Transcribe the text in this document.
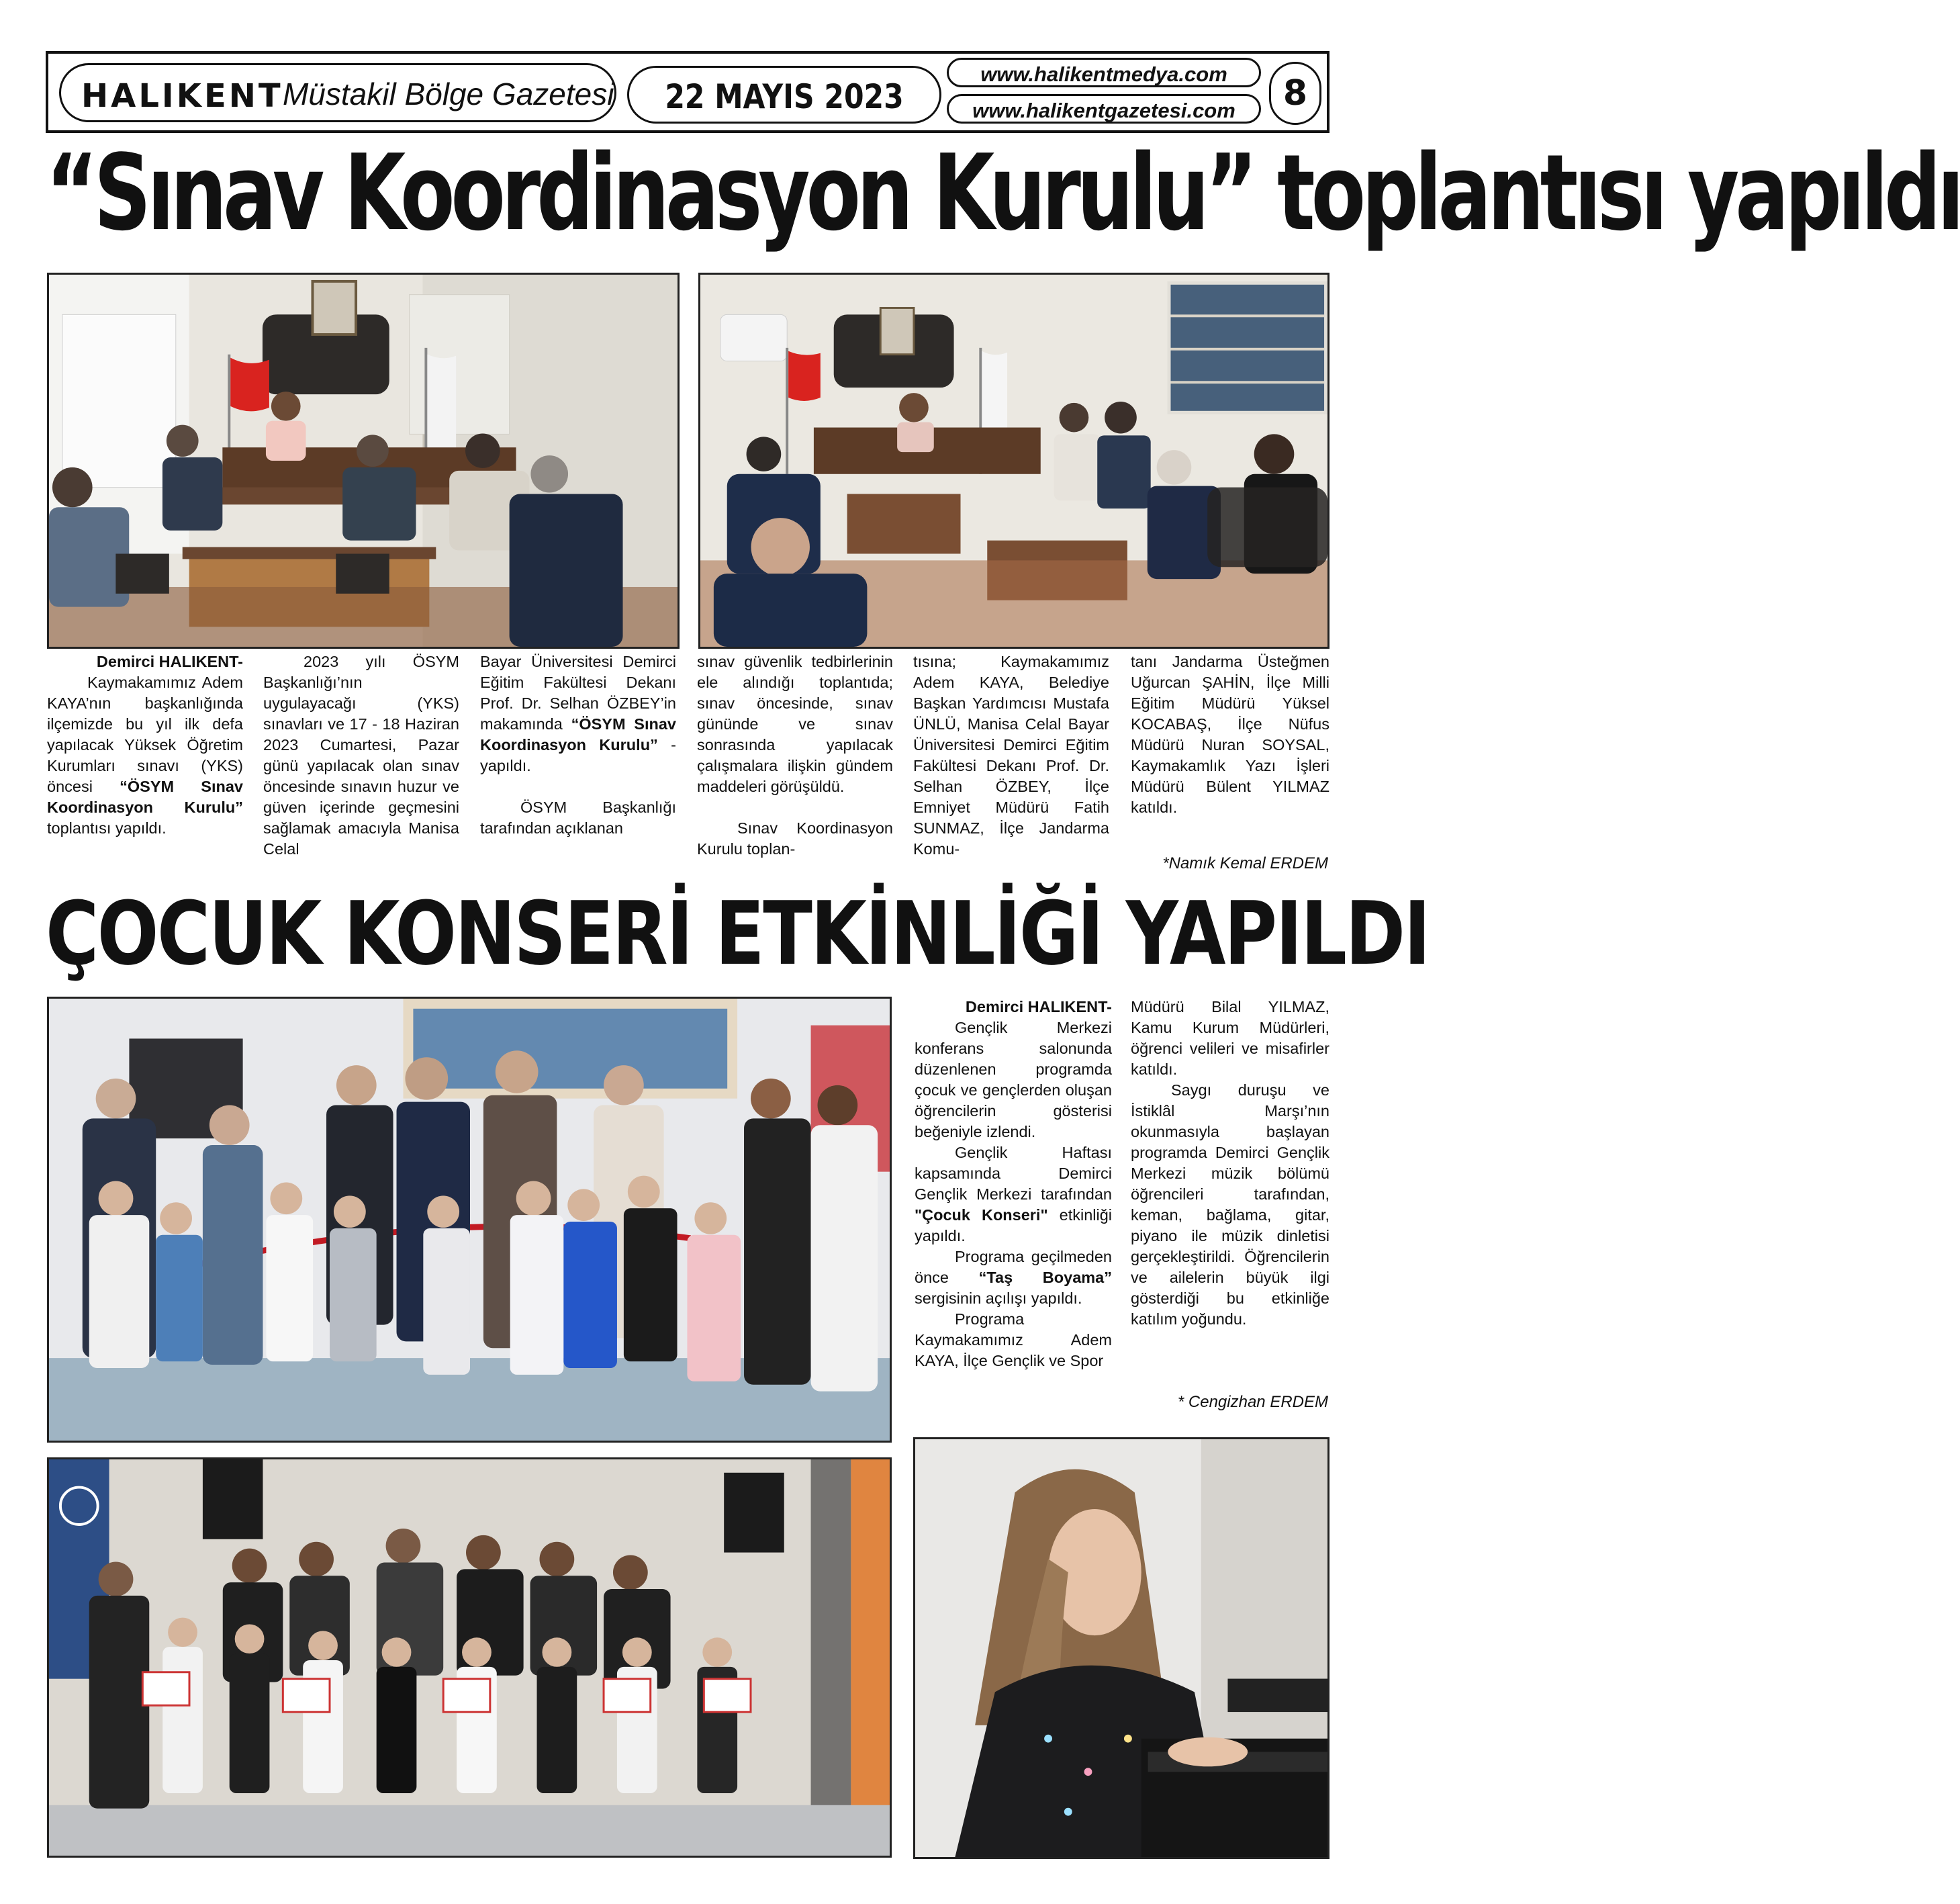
HALIKENT Müstakil Bölge Gazetesi	22 MAYIS 2023
www.halikentmedya.com
www.halikentgazetesi.com	8
“Sınav Koordinasyon Kurulu” toplantısı yapıldı

Demirci HALIKENT-

Kaymakamımız Adem KAYA’nın başkanlığında ilçemizde bu yıl ilk defa yapılacak Yüksek Öğretim Kurumları sınavı (YKS) öncesi “ÖSYM Sınav Koordinasyon Kurulu” toplantısı yapıldı.

2023 yılı ÖSYM Başkanlığı’nın uygulayacağı (YKS) sınavları ve 17 - 18 Haziran 2023 Cumartesi, Pazar günü yapılacak olan sınav öncesinde sınavın huzur ve güven içerinde geçmesini sağlamak amacıyla Manisa Celal

Bayar Üniversitesi Demirci Eğitim Fakültesi Dekanı Prof. Dr. Selhan ÖZBEY’in makamında “ÖSYM Sınav Koordinasyon Kurulu” - yapıldı.

ÖSYM Başkanlığı tarafından açıklanan

sınav güvenlik tedbirlerinin ele alındığı toplantıda; sınav öncesinde, sınav gününde ve sınav sonrasında yapılacak çalışmalara ilişkin gündem maddeleri görüşüldü.

Sınav Koordinasyon Kurulu toplan-

tısına; Kaymakamımız Adem KAYA, Belediye Başkan Yardımcısı Mustafa ÜNLÜ, Manisa Celal Bayar Üniversitesi Demirci Eğitim Fakültesi Dekanı Prof. Dr. Selhan ÖZBEY, İlçe Emniyet Müdürü Fatih SUNMAZ, İlçe Jandarma Komu-

tanı Jandarma Üsteğmen Uğurcan ŞAHİN, İlçe Milli Eğitim Müdürü Yüksel KOCABAŞ, İlçe Nüfus Müdürü Nuran SOYSAL, Kaymakamlık Yazı İşleri Müdürü Bülent YILMAZ katıldı.

*Namık Kemal ERDEM
ÇOCUK KONSERİ ETKİNLİĞİ YAPILDI

Demirci HALIKENT-

Gençlik Merkezi konferans salonunda düzenlenen programda çocuk ve gençlerden oluşan öğrencilerin gösterisi beğeniyle izlendi.

Gençlik Haftası kapsamında Demirci Gençlik Merkezi tarafından "Çocuk Konseri" etkinliği yapıldı.

Programa geçilmeden önce “Taş Boyama” sergisinin açılışı yapıldı.

Programa Kaymakamımız Adem KAYA, İlçe Gençlik ve Spor

Müdürü Bilal YILMAZ, Kamu Kurum Müdürleri, öğrenci velileri ve misafirler katıldı.

Saygı duruşu ve İstiklâl Marşı’nın okunmasıyla başlayan programda Demirci Gençlik Merkezi müzik bölümü öğrencileri tarafından, keman, bağlama, gitar, piyano ile müzik dinletisi gerçekleştirildi. Öğrencilerin ve ailelerin büyük ilgi gösterdiği bu etkinliğe katılım yoğundu.

* Cengizhan ERDEM
